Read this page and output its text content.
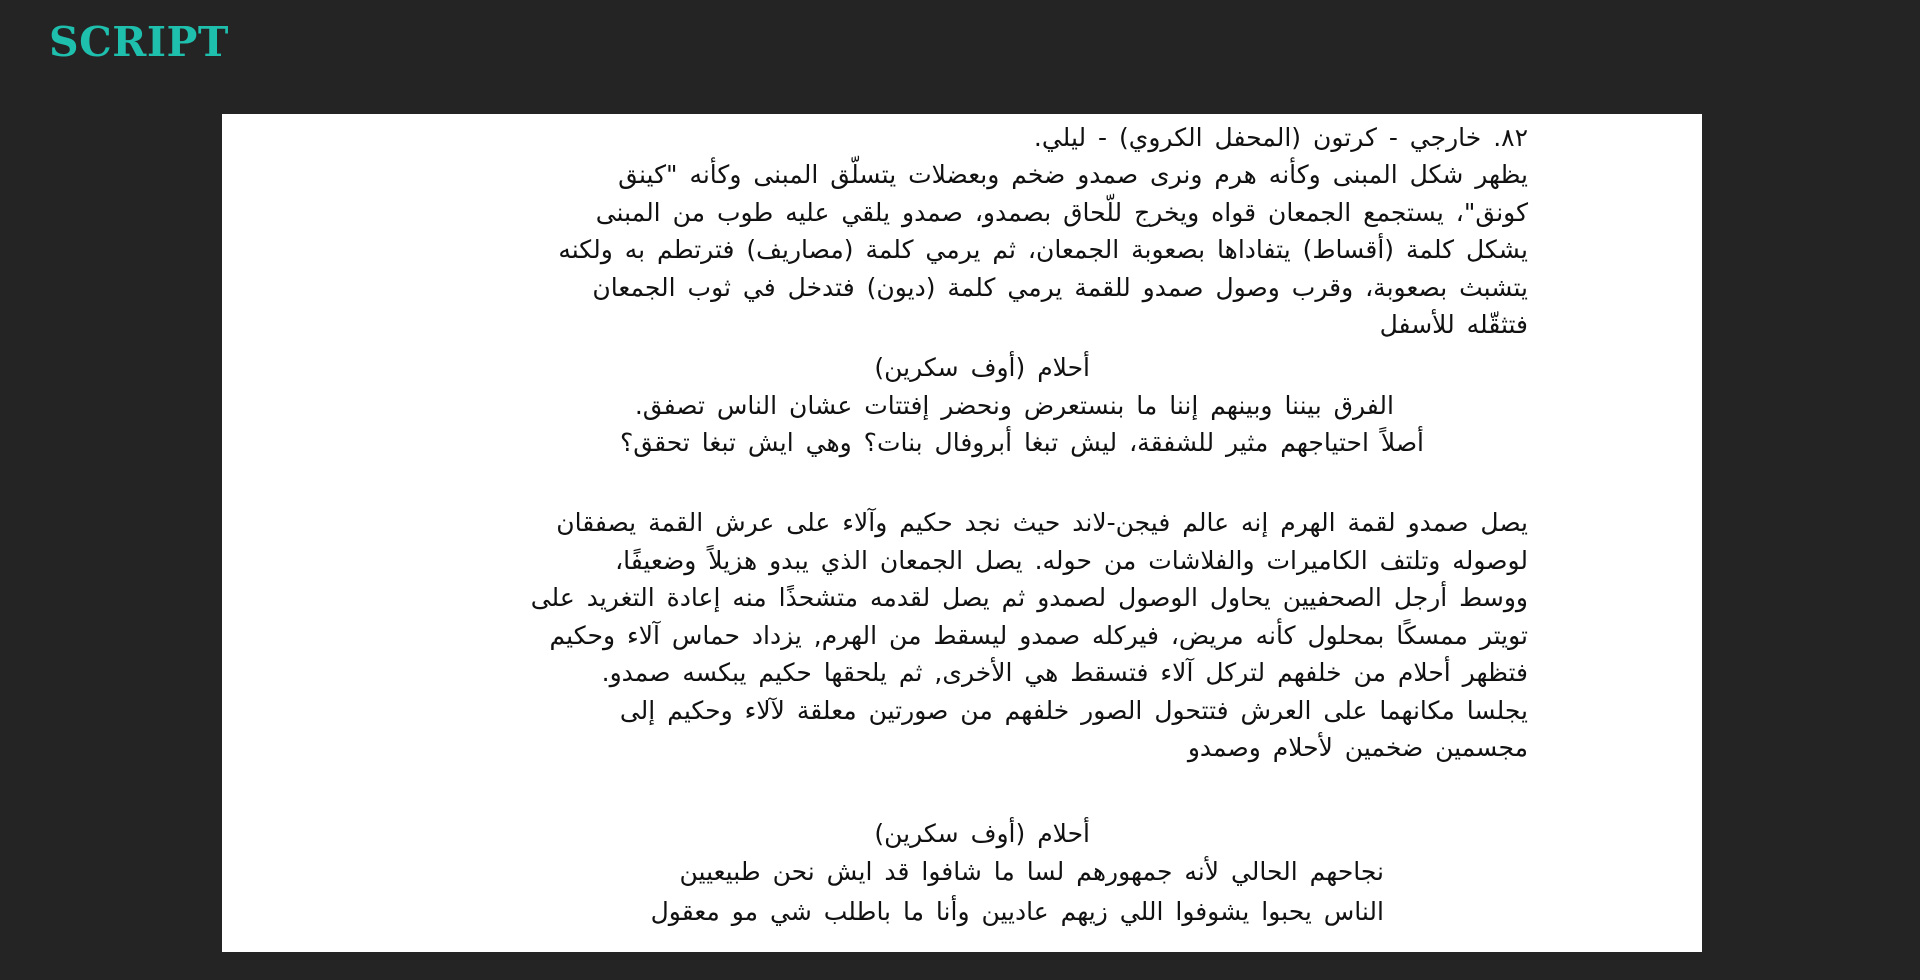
SCRIPT
٨٢. خارجي - كرتون (المحفل الكروي) - ليلي.
يظهر شكل المبنى وكأنه هرم ونرى صمدو ضخم وبعضلات يتسلّق المبنى وكأنه "كينق
كونق"، يستجمع الجمعان قواه ويخرج للّحاق بصمدو، صمدو يلقي عليه طوب من المبنى
يشكل كلمة (أقساط) يتفاداها بصعوبة الجمعان، ثم يرمي كلمة (مصاريف) فترتطم به ولكنه
يتشبث بصعوبة، وقرب وصول صمدو للقمة يرمي كلمة (ديون) فتدخل في ثوب الجمعان
فتثقّله للأسفل
أحلام (أوف سكرين)
الفرق بيننا وبينهم إننا ما بنستعرض ونحضر إفتتات عشان الناس تصفق.
أصلاً احتياجهم مثير للشفقة، ليش تبغا أبروفال بنات؟ وهي ايش تبغا تحقق؟
يصل صمدو لقمة الهرم إنه عالم فيجن-لاند حيث نجد حكيم وآلاء على عرش القمة يصفقان
لوصوله وتلتف الكاميرات والفلاشات من حوله. يصل الجمعان الذي يبدو هزيلاً وضعيفًا،
ووسط أرجل الصحفيين يحاول الوصول لصمدو ثم يصل لقدمه متشحذًا منه إعادة التغريد على
تويتر ممسكًا بمحلول كأنه مريض، فيركله صمدو ليسقط من الهرم, يزداد حماس آلاء وحكيم
فتظهر أحلام من خلفهم لتركل آلاء فتسقط هي الأخرى, ثم يلحقها حكيم يبكسه صمدو.
يجلسا مكانهما على العرش فتتحول الصور خلفهم من صورتين معلقة لآلاء وحكيم إلى
مجسمين ضخمين لأحلام وصمدو
أحلام (أوف سكرين)
نجاحهم الحالي لأنه جمهورهم لسا ما شافوا قد ايش نحن طبيعيين
الناس يحبوا يشوفوا اللي زيهم عاديين وأنا ما باطلب شي مو معقول
